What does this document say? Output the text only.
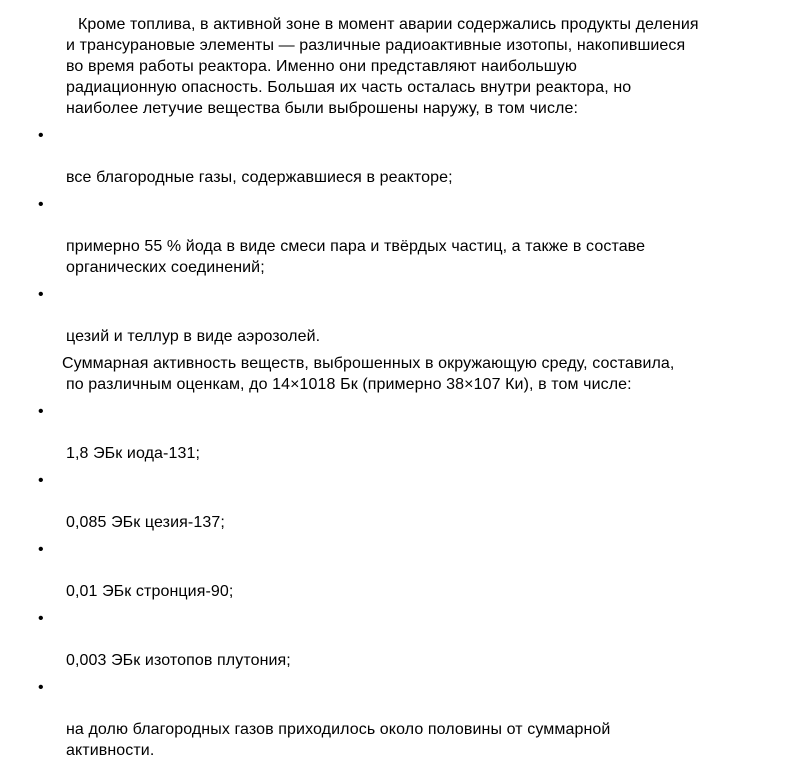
Кроме топлива, в активной зоне в момент аварии содержались продукты деления
и трансурановые элементы — различные радиоактивные изотопы, накопившиеся
во время работы реактора. Именно они представляют наибольшую
радиационную опасность. Большая их часть осталась внутри реактора, но
наиболее летучие вещества были выброшены наружу, в том числе:

•

все благородные газы, содержавшиеся в реакторе;

•

примерно 55 % йода в виде смеси пара и твёрдых частиц, а также в составе
органических соединений;

•

цезий и теллур в виде аэрозолей.

Суммарная активность веществ, выброшенных в окружающую среду, составила,
по различным оценкам, до 14×1018 Бк (примерно 38×107 Ки), в том числе:

•

1,8 ЭБк иода-131;

•

0,085 ЭБк цезия-137;

•

0,01 ЭБк стронция-90;

•

0,003 ЭБк изотопов плутония;

•

на долю благородных газов приходилось около половины от суммарной
активности.
